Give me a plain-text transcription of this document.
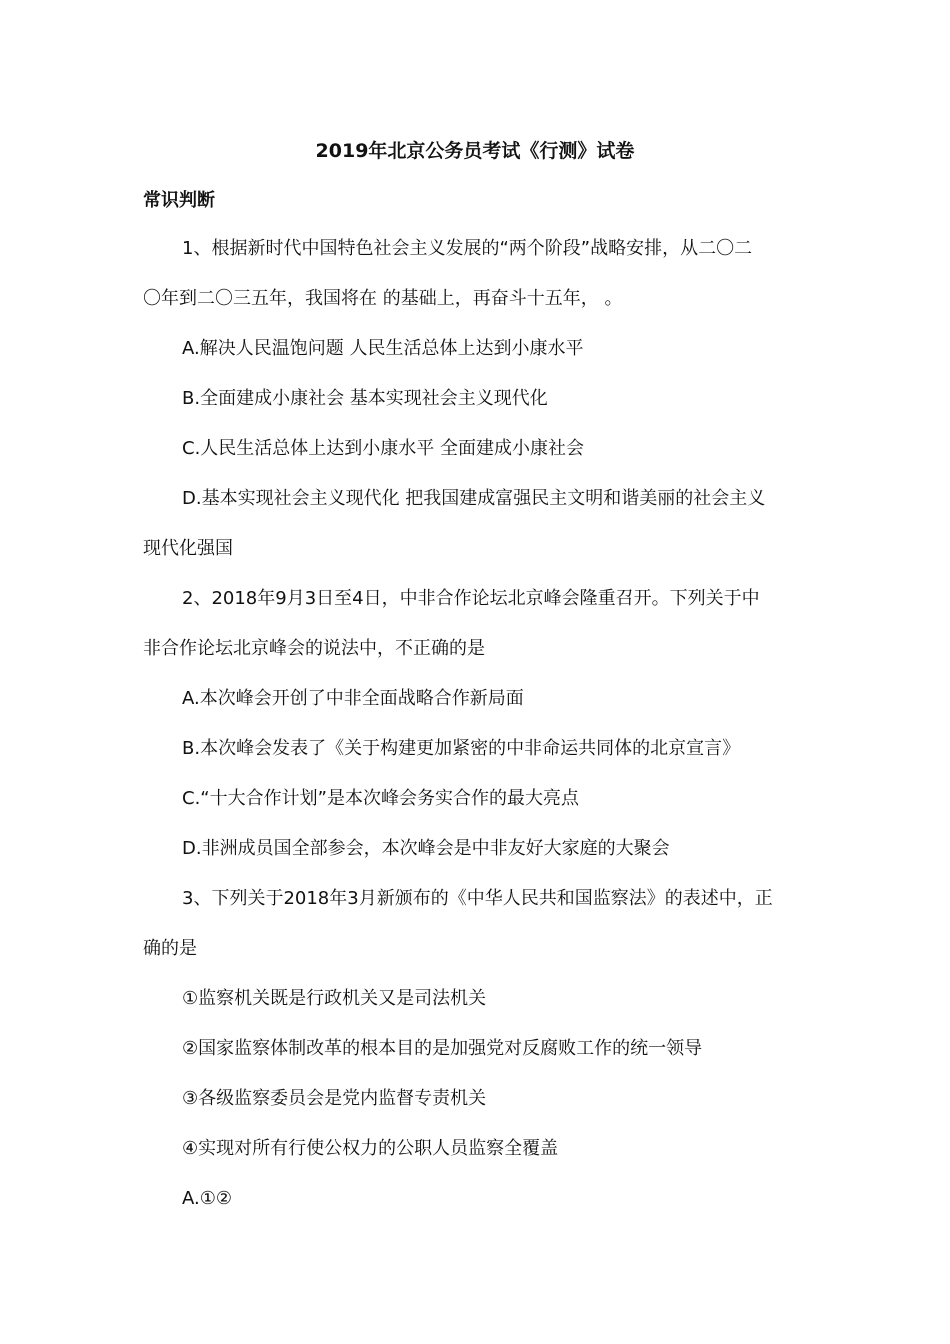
2019年北京公务员考试《行测》试卷
常识判断
1、根据新时代中国特色社会主义发展的“两个阶段”战略安排，从二〇二
〇年到二〇三五年，我国将在 的基础上，再奋斗十五年， 。
A.解决人民温饱问题 人民生活总体上达到小康水平
B.全面建成小康社会 基本实现社会主义现代化
C.人民生活总体上达到小康水平 全面建成小康社会
D.基本实现社会主义现代化 把我国建成富强民主文明和谐美丽的社会主义
现代化强国
2、2018年9月3日至4日，中非合作论坛北京峰会隆重召开。下列关于中
非合作论坛北京峰会的说法中，不正确的是
A.本次峰会开创了中非全面战略合作新局面
B.本次峰会发表了《关于构建更加紧密的中非命运共同体的北京宣言》
C.“十大合作计划”是本次峰会务实合作的最大亮点
D.非洲成员国全部参会，本次峰会是中非友好大家庭的大聚会
3、下列关于2018年3月新颁布的《中华人民共和国监察法》的表述中，正
确的是
①监察机关既是行政机关又是司法机关
②国家监察体制改革的根本目的是加强党对反腐败工作的统一领导
③各级监察委员会是党内监督专责机关
④实现对所有行使公权力的公职人员监察全覆盖
A.①②
